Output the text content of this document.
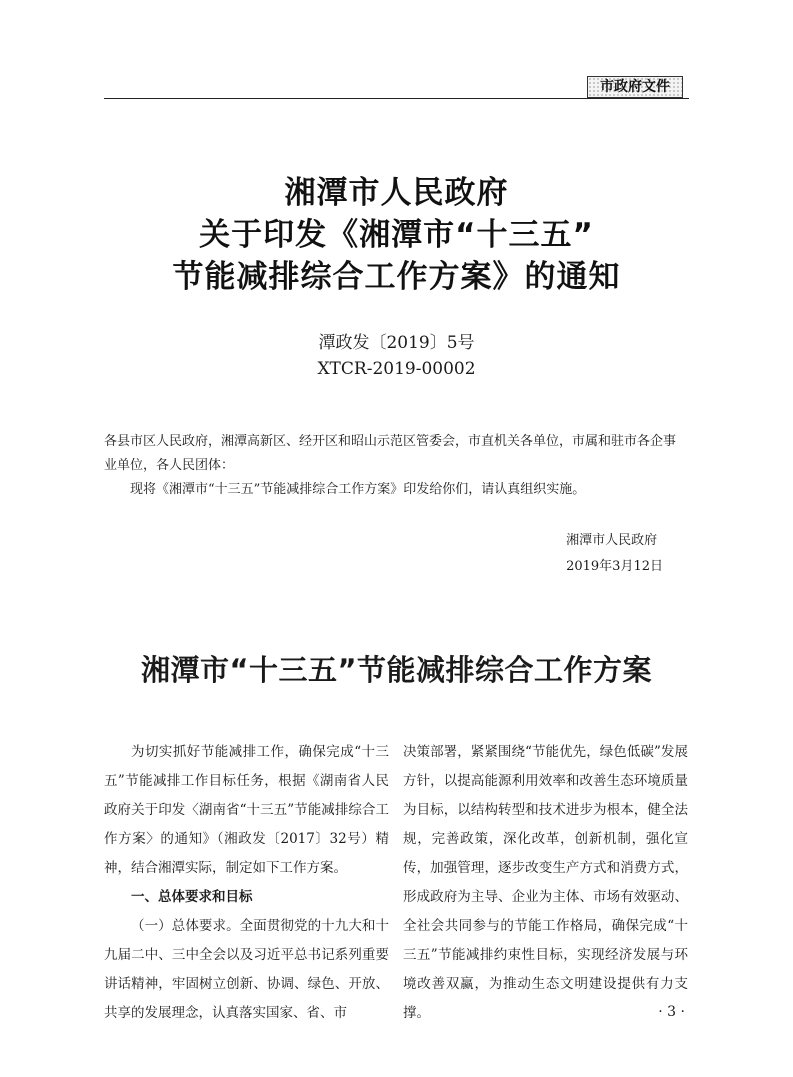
市政府文件
湘潭市人民政府
关于印发《湘潭市“十三五”
节能减排综合工作方案》的通知
潭政发〔2019〕5号
XTCR-2019-00002
各县市区人民政府，湘潭高新区、经开区和昭山示范区管委会，市直机关各单位，市属和驻市各企事
业单位，各人民团体：
现将《湘潭市“十三五”节能减排综合工作方案》印发给你们，请认真组织实施。
湘潭市人民政府
2019年3月12日
湘潭市“十三五”节能减排综合工作方案

为切实抓好节能减排工作，确保完成“十三五”节能减排工作目标任务，根据《湖南省人民政府关于印发〈湖南省“十三五”节能减排综合工作方案〉的通知》（湘政发〔2017〕32号）精神，结合湘潭实际，制定如下工作方案。

一、总体要求和目标

（一）总体要求。全面贯彻党的十九大和十九届二中、三中全会以及习近平总书记系列重要讲话精神，牢固树立创新、协调、绿色、开放、共享的发展理念，认真落实国家、省、市

决策部署，紧紧围绕“节能优先，绿色低碳”发展方针，以提高能源利用效率和改善生态环境质量为目标，以结构转型和技术进步为根本，健全法规，完善政策，深化改革，创新机制，强化宣传，加强管理，逐步改变生产方式和消费方式，形成政府为主导、企业为主体、市场有效驱动、全社会共同参与的节能工作格局，确保完成“十三五”节能减排约束性目标，实现经济发展与环境改善双赢，为推动生态文明建设提供有力支撑。	· 3 ·
